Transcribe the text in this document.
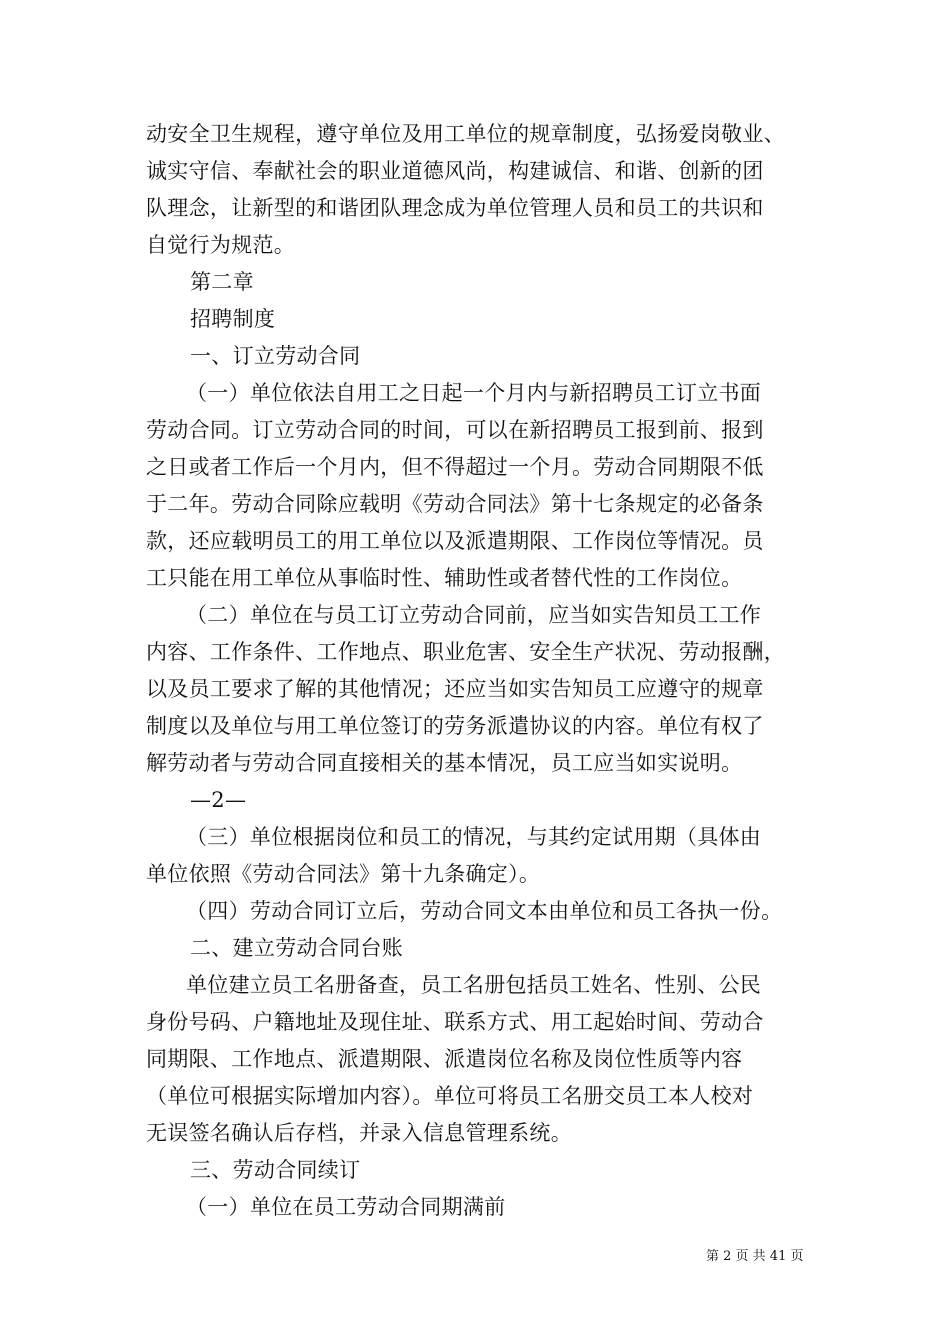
动安全卫生规程，遵守单位及用工单位的规章制度，弘扬爱岗敬业、
诚实守信、奉献社会的职业道德风尚，构建诚信、和谐、创新的团
队理念，让新型的和谐团队理念成为单位管理人员和员工的共识和
自觉行为规范。
第二章
招聘制度
一、订立劳动合同
（一）单位依法自用工之日起一个月内与新招聘员工订立书面
劳动合同。订立劳动合同的时间，可以在新招聘员工报到前、报到
之日或者工作后一个月内，但不得超过一个月。劳动合同期限不低
于二年。劳动合同除应载明《劳动合同法》第十七条规定的必备条
款，还应载明员工的用工单位以及派遣期限、工作岗位等情况。员
工只能在用工单位从事临时性、辅助性或者替代性的工作岗位。
（二）单位在与员工订立劳动合同前，应当如实告知员工工作
内容、工作条件、工作地点、职业危害、安全生产状况、劳动报酬，
以及员工要求了解的其他情况；还应当如实告知员工应遵守的规章
制度以及单位与用工单位签订的劳务派遣协议的内容。单位有权了
解劳动者与劳动合同直接相关的基本情况，员工应当如实说明。
—2—
（三）单位根据岗位和员工的情况，与其约定试用期（具体由
单位依照《劳动合同法》第十九条确定）。
（四）劳动合同订立后，劳动合同文本由单位和员工各执一份。
二、建立劳动合同台账
单位建立员工名册备查，员工名册包括员工姓名、性别、公民
身份号码、户籍地址及现住址、联系方式、用工起始时间、劳动合
同期限、工作地点、派遣期限、派遣岗位名称及岗位性质等内容
（单位可根据实际增加内容）。单位可将员工名册交员工本人校对
无误签名确认后存档，并录入信息管理系统。
三、劳动合同续订
（一）单位在员工劳动合同期满前
第 2 页 共 41 页
